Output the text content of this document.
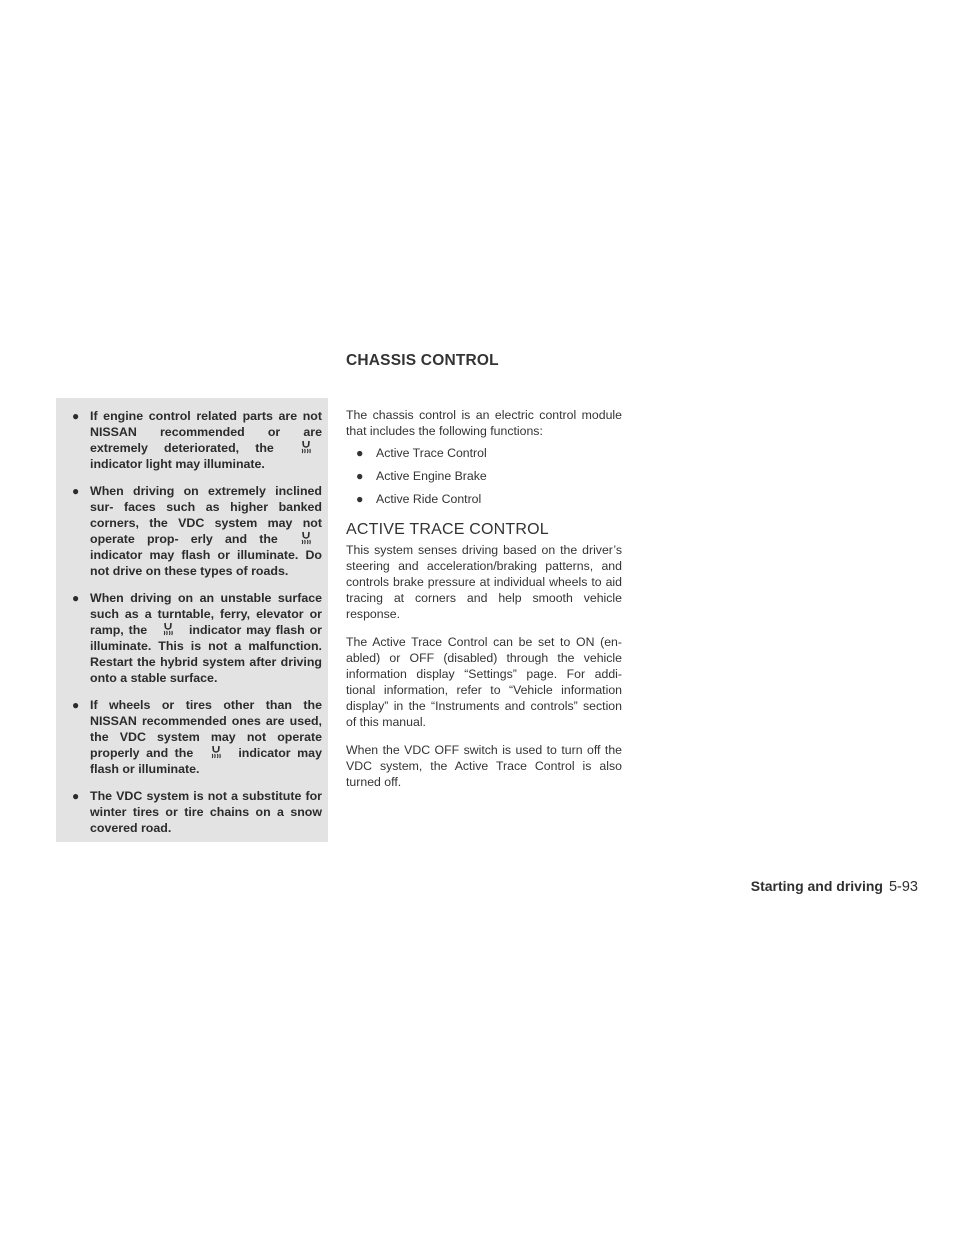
● If engine control related parts are not NISSAN recommended or are extremely deteriorated, the
indicator light may illuminate.
● When driving on extremely inclined sur- faces such as higher banked corners, the VDC system may not operate prop- erly and the
indicator may flash or illuminate. Do not drive on these types of roads.
● When driving on an unstable surface such as a turntable, ferry, elevator or ramp, the	indicator may flash or illuminate. This is not a malfunction. Restart the hybrid system after driving onto a stable surface.
● If wheels or tires other than the NISSAN recommended ones are used, the VDC system may not operate properly and the	indicator may flash or illuminate.
● The VDC system is not a substitute for winter tires or tire chains on a snow covered road.
CHASSIS CONTROL

The chassis control is an electric control module that includes the following functions:

● Active Trace Control
● Active Engine Brake
● Active Ride Control
ACTIVE TRACE CONTROL

This system senses driving based on the driver’s steering and acceleration/braking patterns, and controls brake pressure at individual wheels to aid tracing at corners and help smooth vehicle response.

The Active Trace Control can be set to ON (en- abled) or OFF (disabled) through the vehicle information display “Settings” page. For addi- tional information, refer to “Vehicle information display” in the “Instruments and controls” section of this manual.

When the VDC OFF switch is used to turn off the VDC system, the Active Trace Control is also turned off.

Starting and driving 5-93
